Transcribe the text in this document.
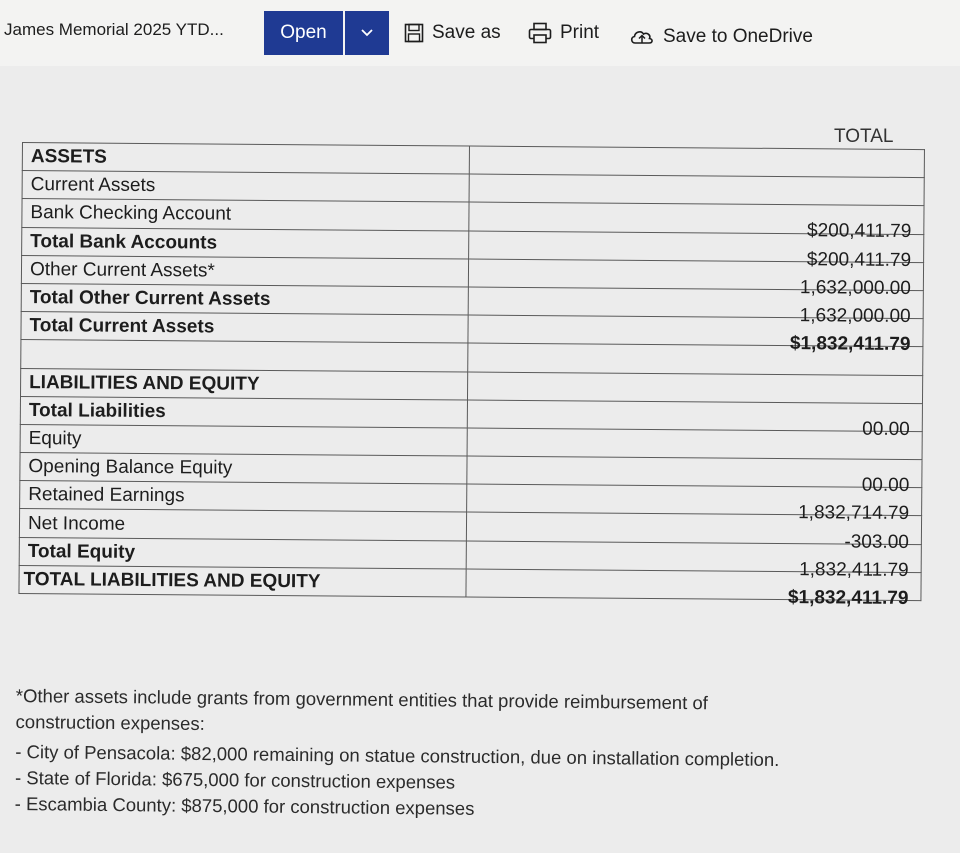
James Memorial 2025 YTD...	Open	Save as	Print	Save to OneDrive
TOTAL
ASSETS	
Current Assets	
Bank Checking Account	$200,411.79
Total Bank Accounts	$200,411.79
Other Current Assets*	1,632,000.00
Total Other Current Assets	1,632,000.00
Total Current Assets	$1,832,411.79

LIABILITIES AND EQUITY	
Total Liabilities	00.00
Equity	
Opening Balance Equity	00.00
Retained Earnings	1,832,714.79
Net Income	-303.00
Total Equity	1,832,411.79
TOTAL LIABILITIES AND EQUITY	$1,832,411.79
*Other assets include grants from government entities that provide reimbursement of
construction expenses:
- City of Pensacola: $82,000 remaining on statue construction, due on installation completion.
- State of Florida: $675,000 for construction expenses
- Escambia County: $875,000 for construction expenses
